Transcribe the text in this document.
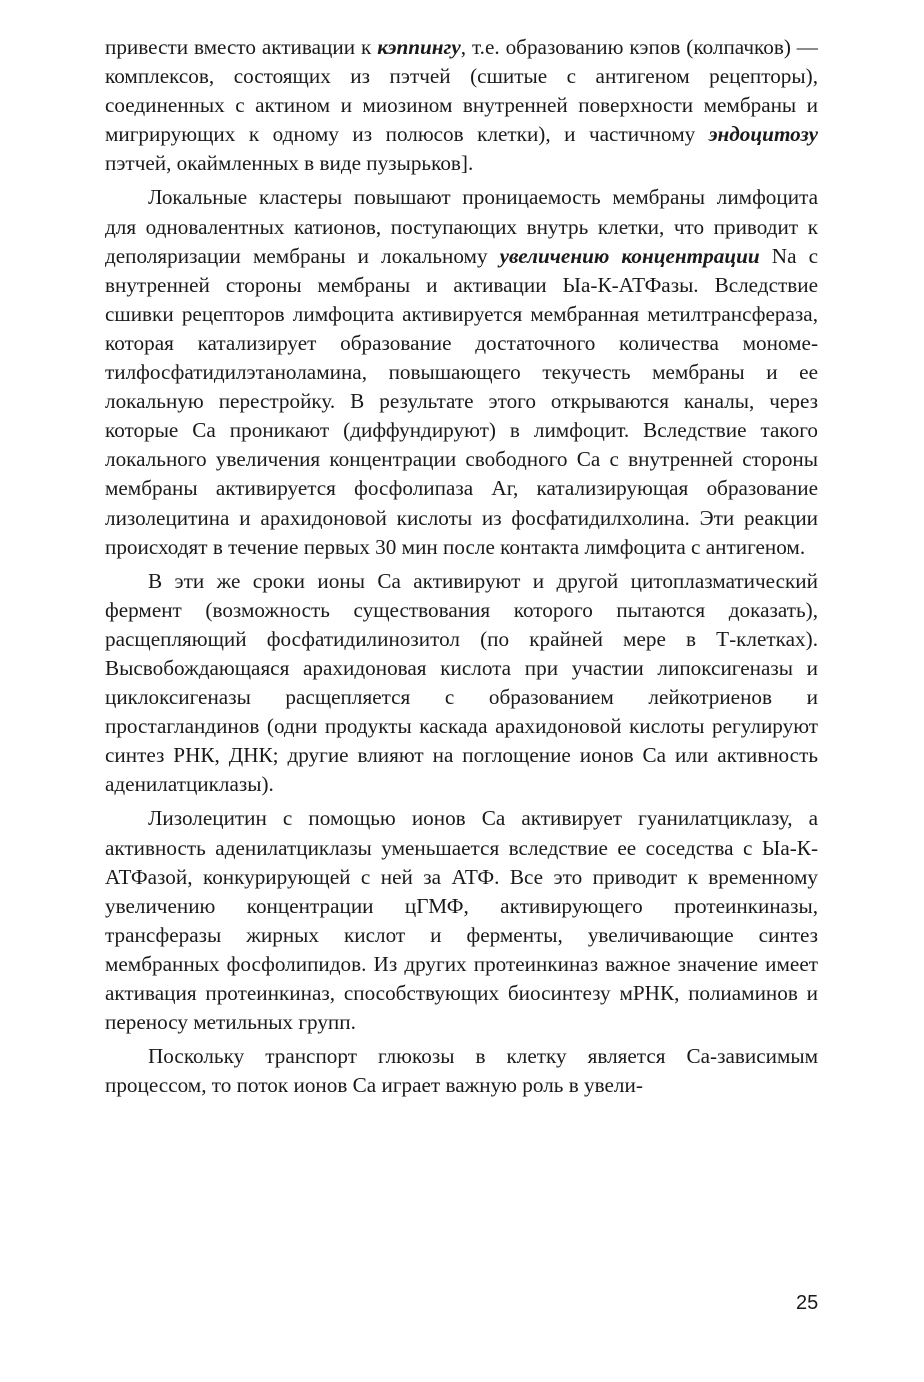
привести вместо активации к кэппингу, т.е. образованию кэпов (колпачков) —комплексов, состоящих из пэтчей (сшитые с антигеном рецепторы), соединенных с актином и миозином внутренней поверхности мембраны и мигрирующих к одному из полюсов клетки), и частичному эндоцитозу пэтчей, окаймленных в виде пузырьков].

Локальные кластеры повышают проницаемость мембраны лимфоцита для одновалентных катионов, поступающих внутрь клетки, что приводит к деполяризации мембраны и локальному увеличению концентрации Na с внутренней стороны мембраны и активации Ыа-К-АТФазы. Вследствие сшивки рецепторов лимфоцита активируется мембранная метилтрансфераза, которая катализирует образование достаточного количества монометилфосфатидилэтаноламина, повышающего текучесть мембраны и ее локальную перестройку. В результате этого открываются каналы, через которые Са проникают (диффундируют) в лимфоцит. Вследствие такого локального увеличения концентрации свободного Са с внутренней стороны мембраны активируется фосфолипаза Аг, катализирующая образование лизолецитина и арахидоновой кислоты из фосфатидилхолина. Эти реакции происходят в течение первых 30 мин после контакта лимфоцита с антигеном.

В эти же сроки ионы Са активируют и другой цитоплазматический фермент (возможность существования которого пытаются доказать), расщепляющий фосфатидилинозитол (по крайней мере в Т-клетках). Высвобождающаяся арахидоновая кислота при участии липоксигеназы и циклоксигеназы расщепляется с образованием лейкотриенов и простагландинов (одни продукты каскада арахидоновой кислоты регулируют синтез РНК, ДНК; другие влияют на поглощение ионов Са или активность аденилатциклазы).

Лизолецитин с помощью ионов Са активирует гуанилатциклазу, а активность аденилатциклазы уменьшается вследствие ее соседства с Ыа-К-АТФазой, конкурирующей с ней за АТФ. Все это приводит к временному увеличению концентрации цГМФ, активирующего протеинкиназы, трансферазы жирных кислот и ферменты, увеличивающие синтез мембранных фосфолипидов. Из других протеинкиназ важное значение имеет активация протеинкиназ, способствующих биосинтезу мРНК, полиаминов и переносу метильных групп.

Поскольку транспорт глюкозы в клетку является Са-зависимым процессом, то поток ионов Са играет важную роль в увели-

25
